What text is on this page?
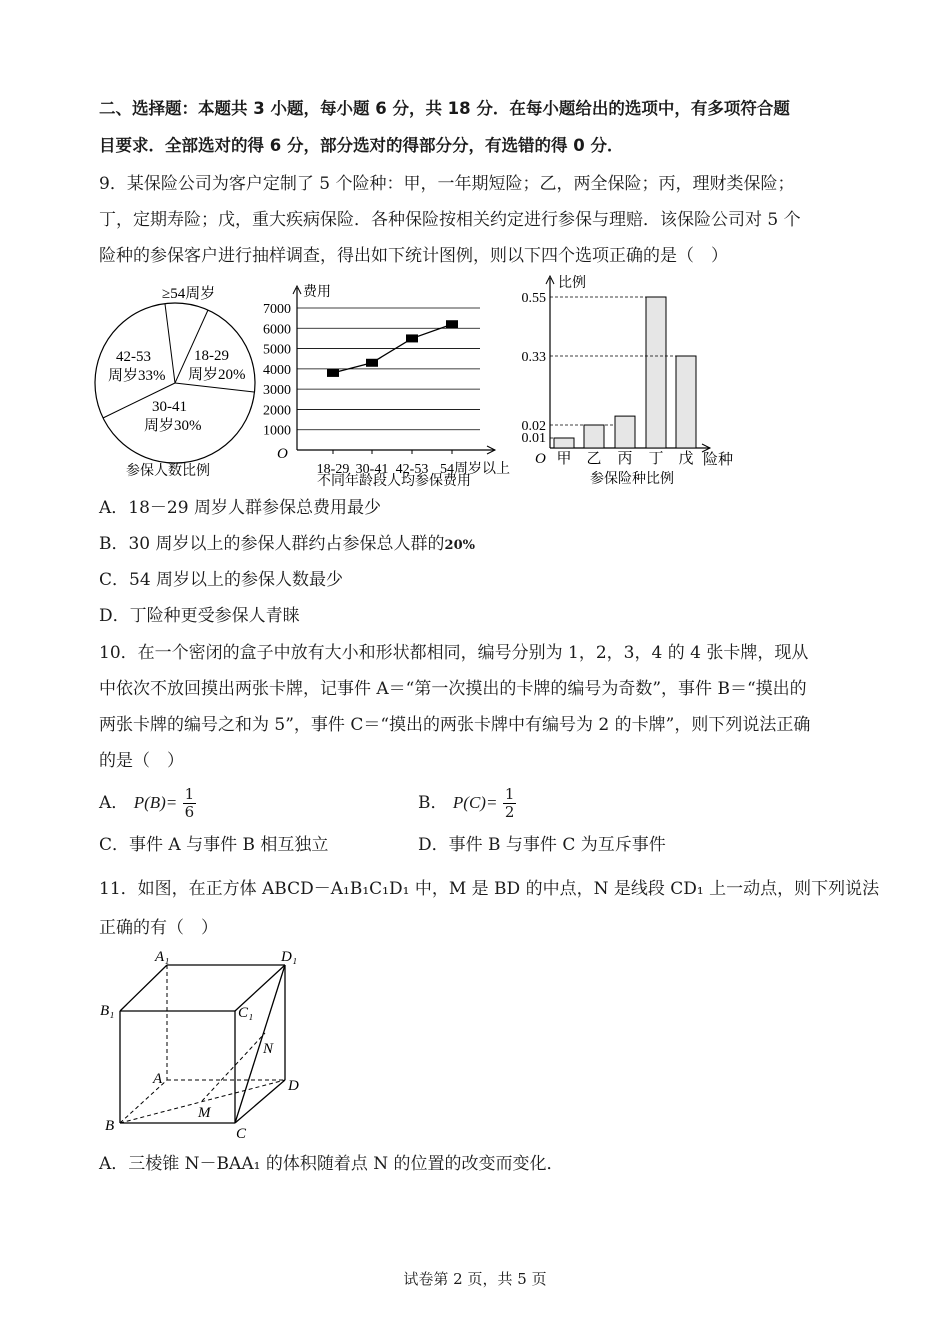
二、选择题：本题共 3 小题，每小题 6 分，共 18 分．在每小题给出的选项中，有多项符合题
目要求．全部选对的得 6 分，部分选对的得部分分，有选错的得 0 分．
9．某保险公司为客户定制了 5 个险种：甲，一年期短险；乙，两全保险；丙，理财类保险；
丁，定期寿险；戊，重大疾病保险．各种保险按相关约定进行参保与理赔．该保险公司对 5 个
险种的参保客户进行抽样调查，得出如下统计图例，则以下四个选项正确的是（　）
≥54周岁
18-29
周岁20%
42-53
周岁33%
30-41
周岁30%
参保人数比例
费用
O
不同年龄段人均参保费用
1000
2000
3000
4000
5000
6000
7000
18-29 30-41 42-53 54周岁以上
比例
O	险种
参保险种比例
甲 乙 丙 丁 戊
0.01
0.02
0.33
0.55
A．18－29 周岁人群参保总费用最少
B．30 周岁以上的参保人群约占参保总人群的20%
C．54 周岁以上的参保人数最少
D．丁险种更受参保人青睐
10．在一个密闭的盒子中放有大小和形状都相同，编号分别为 1，2，3，4 的 4 张卡牌，现从
中依次不放回摸出两张卡牌，记事件 A＝“第一次摸出的卡牌的编号为奇数”，事件 B＝“摸出的
两张卡牌的编号之和为 5”，事件 C＝“摸出的两张卡牌中有编号为 2 的卡牌”，则下列说法正确
的是（　）
A． $P(B)= \frac{1}{6}$	B． $P(C)= \frac{1}{2}$
C．事件 A 与事件 B 相互独立	D．事件 B 与事件 C 为互斥事件
11．如图，在正方体 ABCD－A₁B₁C₁D₁ 中，M 是 BD 的中点，N 是线段 CD₁ 上一动点，则下列说法
正确的有（　）
A₁	D₁
B₁	C₁
N
A	D
M
B	C
A．三棱锥 N－BAA₁ 的体积随着点 N 的位置的改变而变化．
试卷第 2 页，共 5 页
